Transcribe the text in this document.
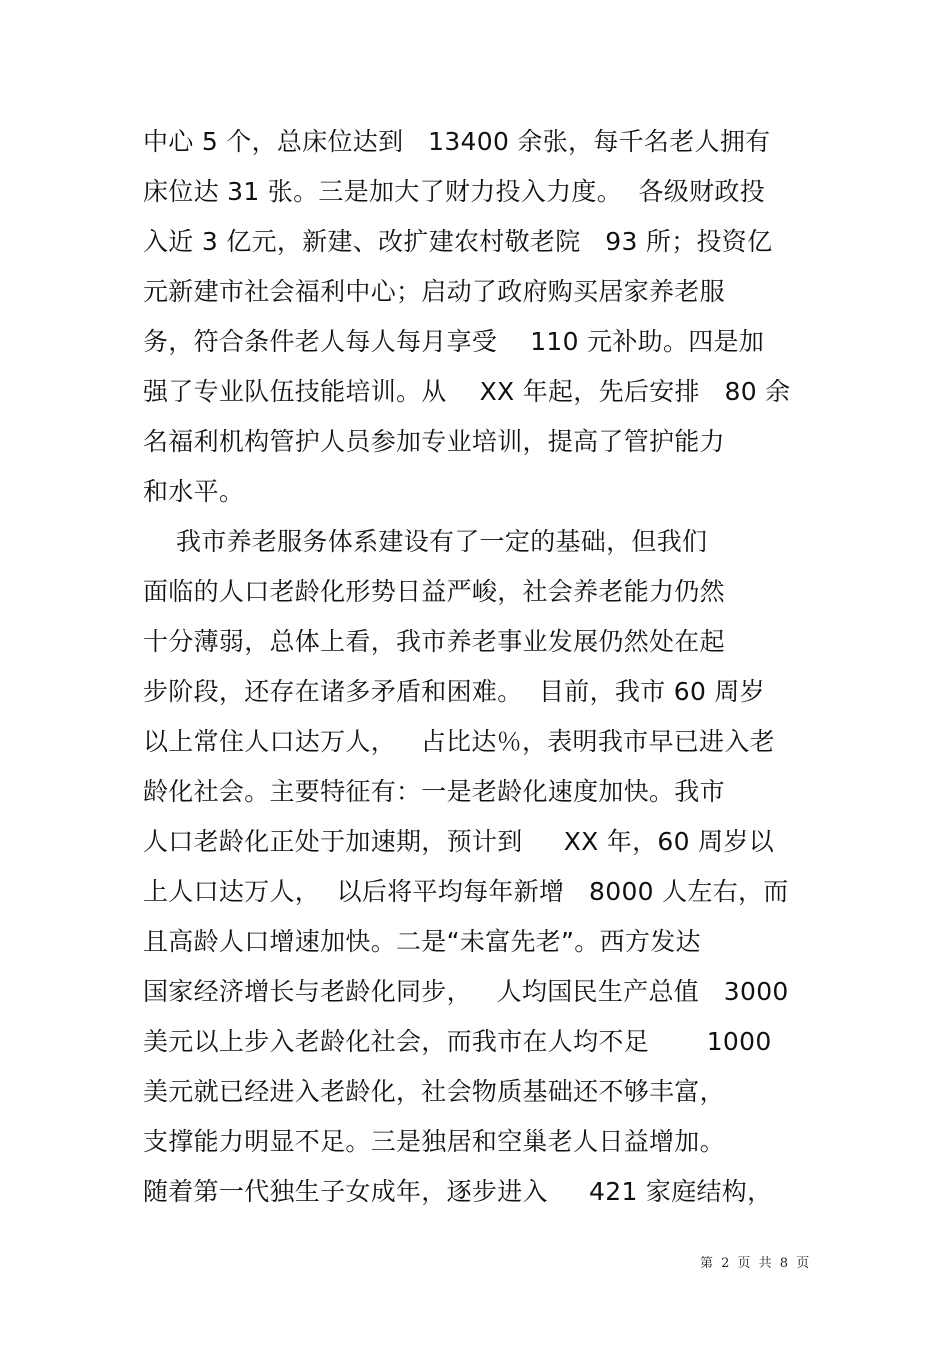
中心 5 个，总床位达到   13400 余张，每千名老人拥有
床位达 31 张。三是加大了财力投入力度。  各级财政投
入近 3 亿元，新建、改扩建农村敬老院   93 所；投资亿
元新建市社会福利中心；启动了政府购买居家养老服
务，符合条件老人每人每月享受    110 元补助。四是加
强了专业队伍技能培训。从    XX 年起，先后安排   80 余
名福利机构管护人员参加专业培训，提高了管护能力
和水平。
我市养老服务体系建设有了一定的基础，但我们
面临的人口老龄化形势日益严峻，社会养老能力仍然
十分薄弱，总体上看，我市养老事业发展仍然处在起
步阶段，还存在诸多矛盾和困难。  目前，我市 60 周岁
以上常住人口达万人，   占比达％，表明我市早已进入老
龄化社会。主要特征有：一是老龄化速度加快。我市
人口老龄化正处于加速期，预计到     XX 年，60 周岁以
上人口达万人，  以后将平均每年新增   8000 人左右，而
且高龄人口增速加快。二是“未富先老”。西方发达
国家经济增长与老龄化同步，   人均国民生产总值   3000
美元以上步入老龄化社会，而我市在人均不足       1000
美元就已经进入老龄化，社会物质基础还不够丰富，
支撑能力明显不足。三是独居和空巢老人日益增加。
随着第一代独生子女成年，逐步进入     421 家庭结构，
第 2 页 共 8 页
